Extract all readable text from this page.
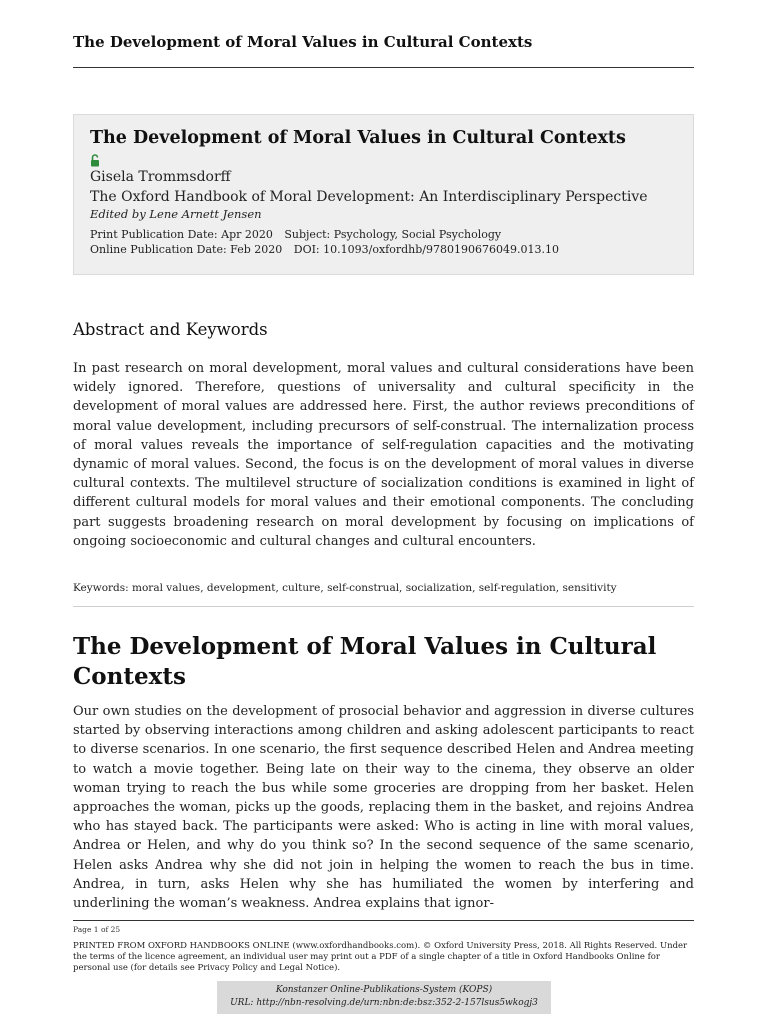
The Development of Moral Values in Cultural Contexts
The Development of Moral Values in Cultural Contexts
Gisela Trommsdorff
The Oxford Handbook of Moral Development: An Interdisciplinary Perspective
Edited by Lene Arnett Jensen
Print Publication Date: Apr 2020 Subject: Psychology, Social Psychology
Online Publication Date: Feb 2020 DOI: 10.1093/oxfordhb/9780190676049.013.10
Abstract and Keywords

In past research on moral development, moral values and cultural considerations have been widely ignored. Therefore, questions of universality and cultural specificity in the development of moral values are addressed here. First, the author reviews preconditions of moral value development, including precursors of self-construal. The internalization process of moral values reveals the importance of self-regulation capacities and the motivating dynamic of moral values. Second, the focus is on the development of moral values in diverse cultural contexts. The multilevel structure of socialization conditions is examined in light of different cultural models for moral values and their emotional components. The concluding part suggests broadening research on moral development by focusing on implications of ongoing socioeconomic and cultural changes and cultural encounters.

Keywords: moral values, development, culture, self-construal, socialization, self-regulation, sensitivity
The Development of Moral Values in Cultural Contexts

Our own studies on the development of prosocial behavior and aggression in diverse cultures started by observing interactions among children and asking adolescent participants to react to diverse scenarios. In one scenario, the first sequence described Helen and Andrea meeting to watch a movie together. Being late on their way to the cinema, they observe an older woman trying to reach the bus while some groceries are dropping from her basket. Helen approaches the woman, picks up the goods, replacing them in the basket, and rejoins Andrea who has stayed back. The participants were asked: Who is acting in line with moral values, Andrea or Helen, and why do you think so? In the second sequence of the same scenario, Helen asks Andrea why she did not join in helping the women to reach the bus in time. Andrea, in turn, asks Helen why she has humiliated the women by interfering and underlining the woman’s weakness. Andrea explains that ignor-

Page 1 of 25
PRINTED FROM OXFORD HANDBOOKS ONLINE (www.oxfordhandbooks.com). © Oxford University Press, 2018. All Rights Reserved. Under the terms of the licence agreement, an individual user may print out a PDF of a single chapter of a title in Oxford Handbooks Online for personal use (for details see Privacy Policy and Legal Notice).
Konstanzer Online-Publikations-System (KOPS)
URL: http://nbn-resolving.de/urn:nbn:de:bsz:352-2-157lsus5wkogj3
